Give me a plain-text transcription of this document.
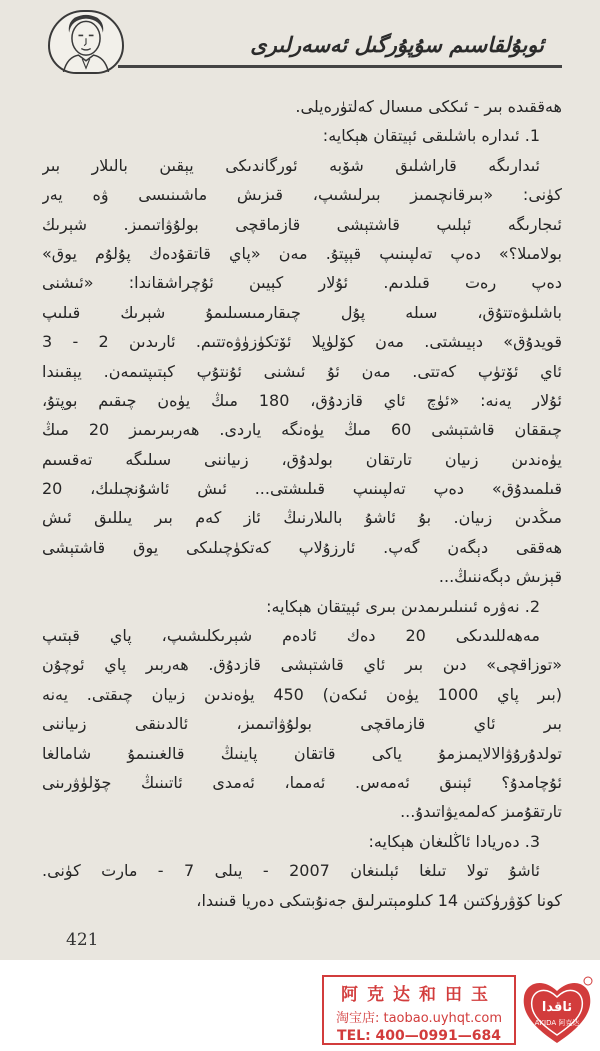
ئوبۇلقاسىم سۇپۇرگىل ئەسەرلىرى
ھەققىدە بىر - ئىككى مىسال كەلتۈرەيلى.
1. ئىدارە باشلىقى ئېيتقان ھېكايە:
ئىدارىگە قاراشلىق شۆبە ئورگاندىكى يېقىن بالىلار بىر
كۈنى: «بىرقانچىمىز بىرلىشىپ، قىزىش ماشىنىسى ۋە يەر
ئىجارىگە ئېلىپ قاشتېشى قازماقچى بولۇۋاتىمىز. شېرىك
بولامىلا؟» دەپ تەلپىنىپ قېپتۇ. مەن «پاي قاتقۇدەك پۇلۇم يوق»
دەپ رەت قىلدىم. ئۇلار كېيىن ئۇچراشقاندا: «ئىشنى
باشلىۋەتتۇق، سىلە پۇل چىقارمىسىلىمۇ شېرىك قىلىپ
قويدۇق» دېيىشتى. مەن كۆلۈپلا ئۆتكۈزۈۋەتتىم. ئارىدىن 2 - 3
ئاي ئۆتۈپ كەتتى. مەن ئۇ ئىشنى ئۇنتۇپ كېتىپتىمەن. يېقىندا
ئۇلار يەنە: «ئۈچ ئاي قازدۇق، 180 مىڭ يۈەن چىقىم بوپتۇ،
چىققان قاشتېشى 60 مىڭ يۈەنگە ياردى. ھەربىرىمىز 20 مىڭ
يۈەندىن زىيان تارتقان بولدۇق، زىياننى سىلىگە تەقسىم
قىلمىدۇق» دەپ تەلپىنىپ قىلىشتى... ئىش ئاشۇنچىلىك، 20
مىڭدىن زىيان. بۇ ئاشۇ بالىلارنىڭ ئاز كەم بىر يىللىق ئىش
ھەققى دېگەن گەپ. ئارزۇلاپ كەتكۈچىلىكى يوق قاشتېشى
قېزىش دېگەننىڭ...
2. نەۋرە ئىنىلىرىمدىن بىرى ئېيتقان ھېكايە:
مەھەللىدىكى 20 دەك ئادەم شېرىكلىشىپ، پاي قېتىپ
«توزاقچى» دىن بىر ئاي قاشتېشى قازدۇق. ھەربىر پاي ئوچۇن
(بىر پاي 1000 يۈەن ئىكەن) 450 يۈەندىن زىيان چىقتى. يەنە
بىر ئاي قازماقچى بولۇۋاتىمىز، ئالدىنقى زىياننى
تولدۇرۇۋالالايمىزمۇ ياكى قاتقان پاينىڭ قالغىنىمۇ شامالغا
ئۇچامدۇ؟ ئېنىق ئەمەس. ئەمما، ئەمدى ئاتىنىڭ چۆلۈۋرىنى
تارتقۇمىز كەلمەيۋاتىدۇ...
3. دەريادا ئاڭلىغان ھېكايە:
ئاشۇ تولا تىلغا ئېلىنغان 2007 - يىلى 7 - مارت كۈنى.
كونا كۆۋرۈكتىن 14 كىلومېتىرلىق جەنۇبتىكى دەريا قىنىدا،
421
阿克达和田玉
淘宝店: taobao.uyhqt.com
TEL: 400—0991—684
ئاقدا
AKIDA 阿克达
